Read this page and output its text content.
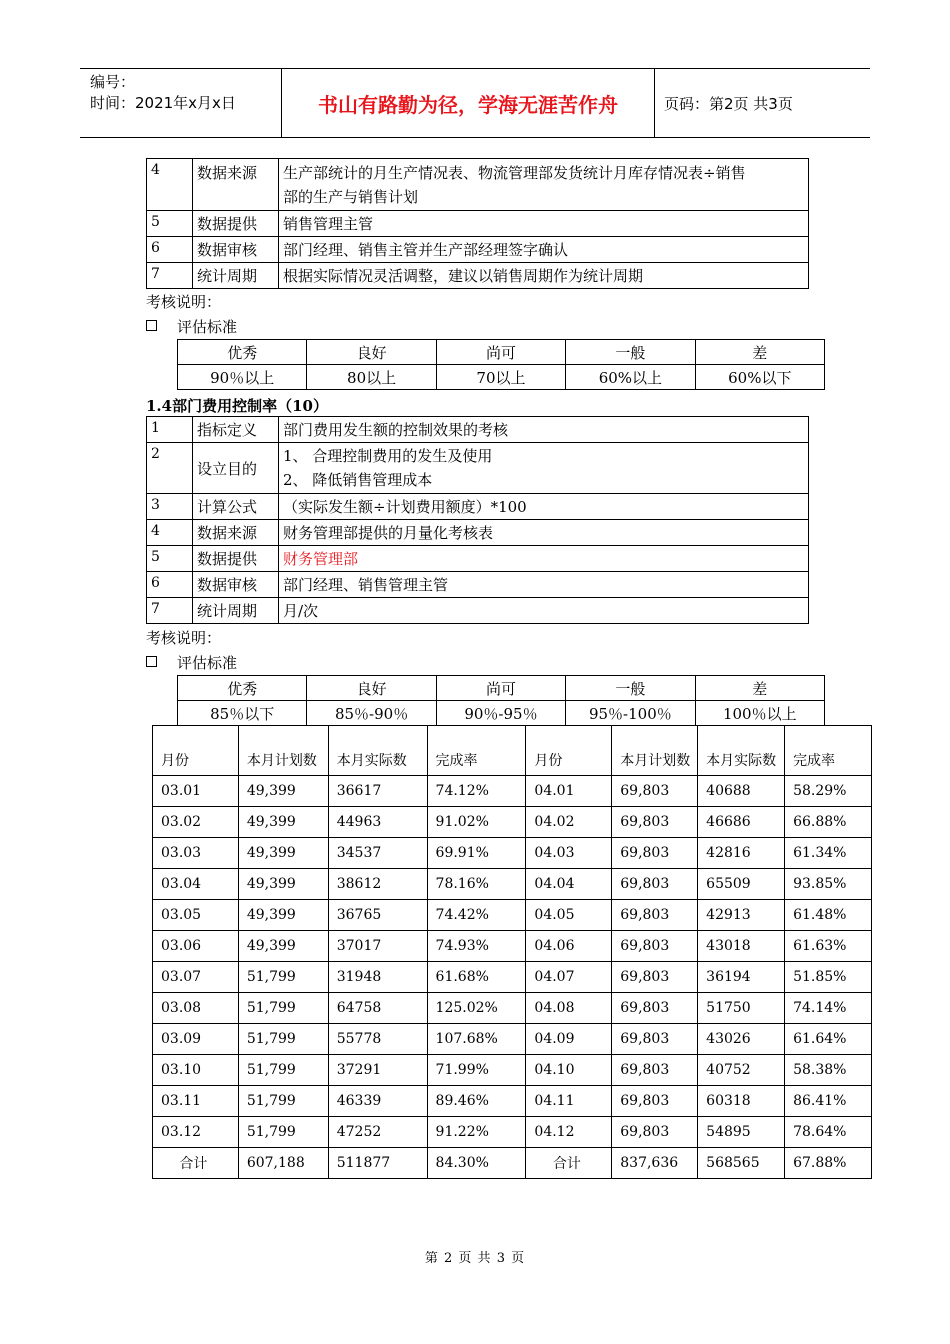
编号：
时间：2021年x月x日	书山有路勤为径，学海无涯苦作舟	页码：第2页 共3页
4	数据来源	生产部统计的月生产情况表、物流管理部发货统计月库存情况表÷销售
部的生产与销售计划

5	数据提供	销售管理主管
6	数据审核	部门经理、销售主管并生产部经理签字确认
7	统计周期	根据实际情况灵活调整，建议以销售周期作为统计周期
考核说明：
评估标准
优秀	良好	尚可	一般	差
90％以上	80以上	70以上	60%以上	60%以下
1.4部门费用控制率（10）
1	指标定义	部门费用发生额的控制效果的考核
2	设立目的	1、 合理控制费用的发生及使用
2、 降低销售管理成本

3	计算公式	（实际发生额÷计划费用额度）*100
4	数据来源	财务管理部提供的月量化考核表
5	数据提供	财务管理部
6	数据审核	部门经理、销售管理主管
7	统计周期	月/次
考核说明：
评估标准
优秀	良好	尚可	一般	差
85％以下	85％-90％	90％-95％	95％-100％	100％以上
月份	本月计划数	本月实际数	完成率	月份	本月计划数	本月实际数	完成率
03.01	49,399	36617	74.12%	04.01	69,803	40688	58.29%
03.02	49,399	44963	91.02%	04.02	69,803	46686	66.88%
03.03	49,399	34537	69.91%	04.03	69,803	42816	61.34%
03.04	49,399	38612	78.16%	04.04	69,803	65509	93.85%
03.05	49,399	36765	74.42%	04.05	69,803	42913	61.48%
03.06	49,399	37017	74.93%	04.06	69,803	43018	61.63%
03.07	51,799	31948	61.68%	04.07	69,803	36194	51.85%
03.08	51,799	64758	125.02%	04.08	69,803	51750	74.14%
03.09	51,799	55778	107.68%	04.09	69,803	43026	61.64%
03.10	51,799	37291	71.99%	04.10	69,803	40752	58.38%
03.11	51,799	46339	89.46%	04.11	69,803	60318	86.41%
03.12	51,799	47252	91.22%	04.12	69,803	54895	78.64%
合计	607,188	511877	84.30%	合计	837,636	568565	67.88%
第 2 页 共 3 页
